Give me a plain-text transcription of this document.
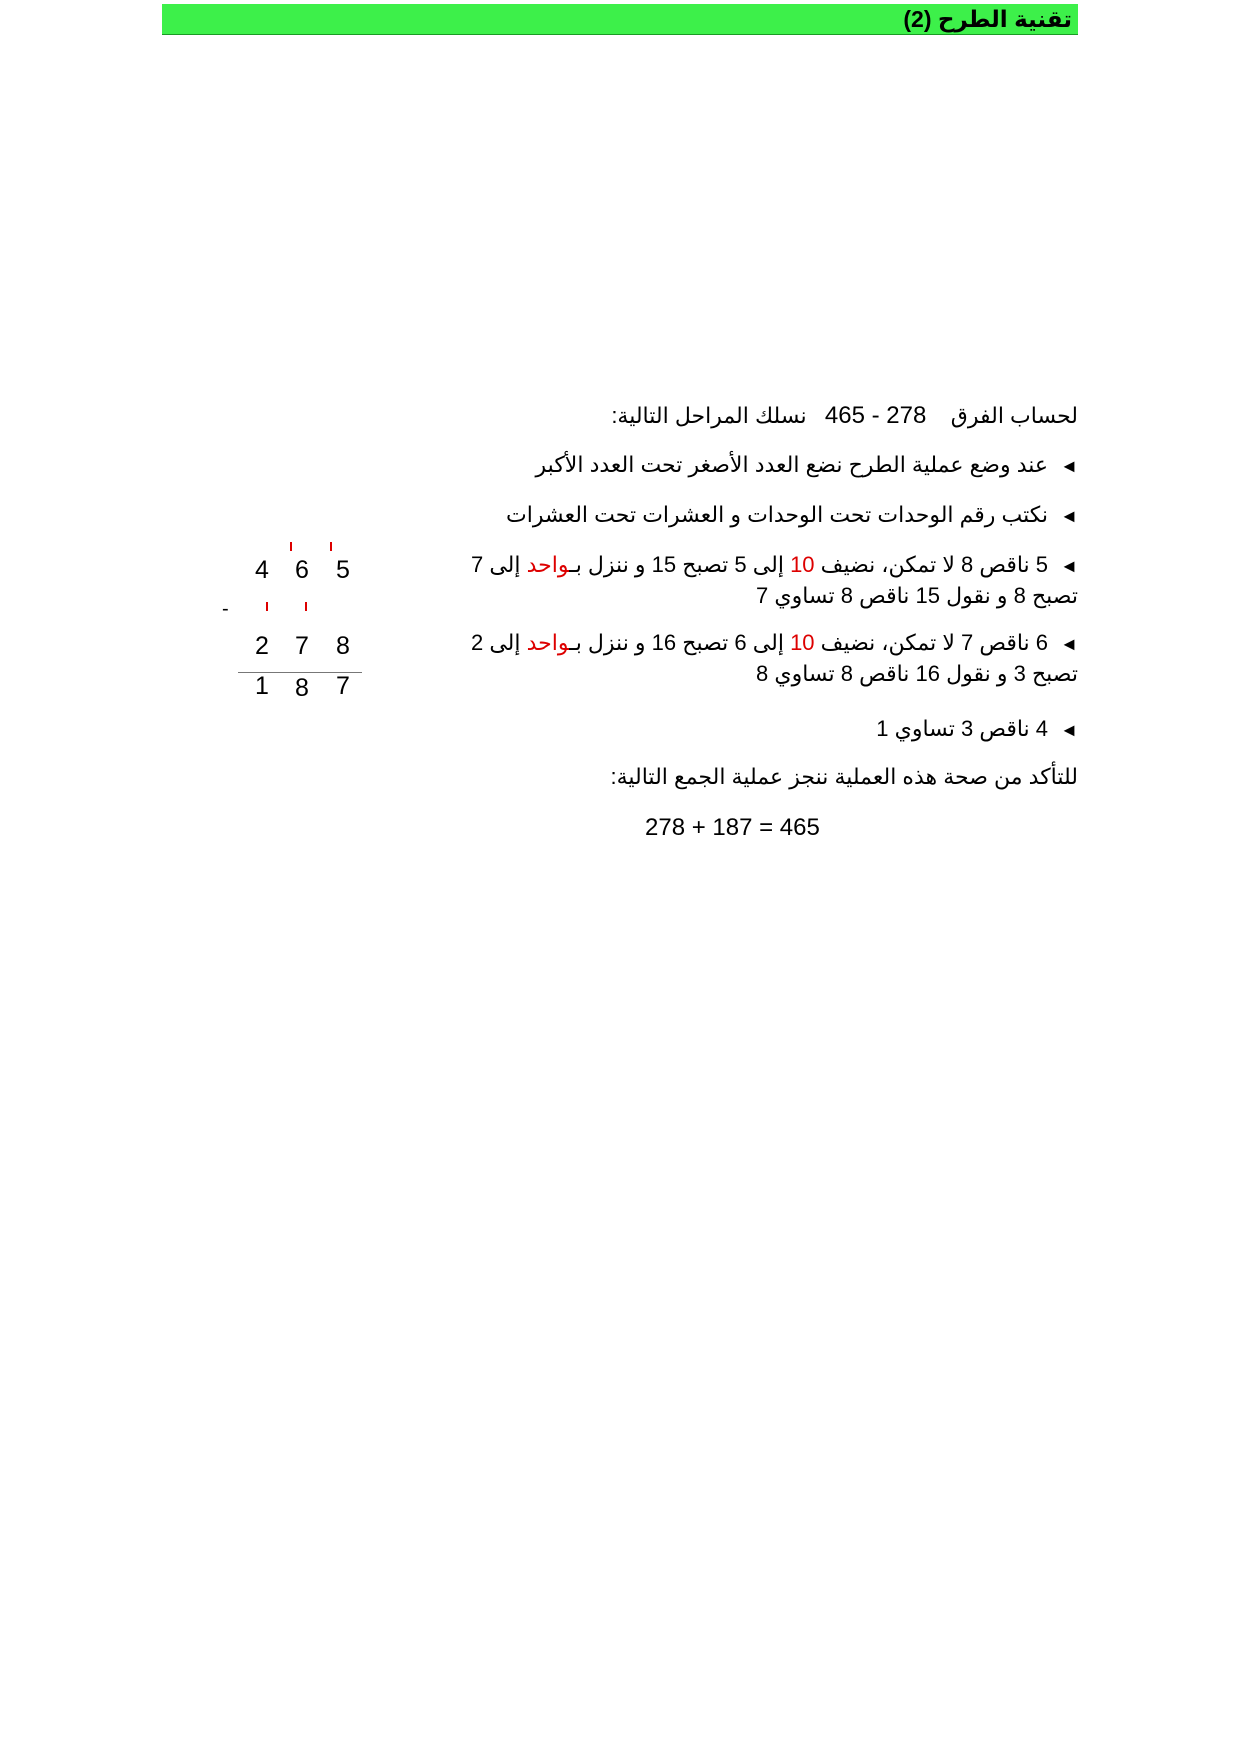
تقنية الطرح (2)
لحساب الفرق    465 - 278   نسلك المراحل التالية:
◄ عند وضع عملية الطرح نضع العدد الأصغر تحت العدد الأكبر
◄ نكتب رقم الوحدات تحت الوحدات و العشرات تحت العشرات
◄ 5 ناقص 8 لا تمكن، نضيف 10 إلى 5 تصبح 15 و ننزل بـواحد إلى 7
تصبح 8 و نقول 15 ناقص 8 تساوي 7
◄ 6 ناقص 7 لا تمكن، نضيف 10 إلى 6 تصبح 16 و ننزل بـواحد إلى 2
تصبح 3 و نقول 16 ناقص 8 تساوي 8
◄ 4 ناقص 3 تساوي 1
للتأكد من صحة هذه العملية ننجز عملية الجمع التالية:
278 + 187 = 465
4 6 5
-
2 7 8
1 8 7
